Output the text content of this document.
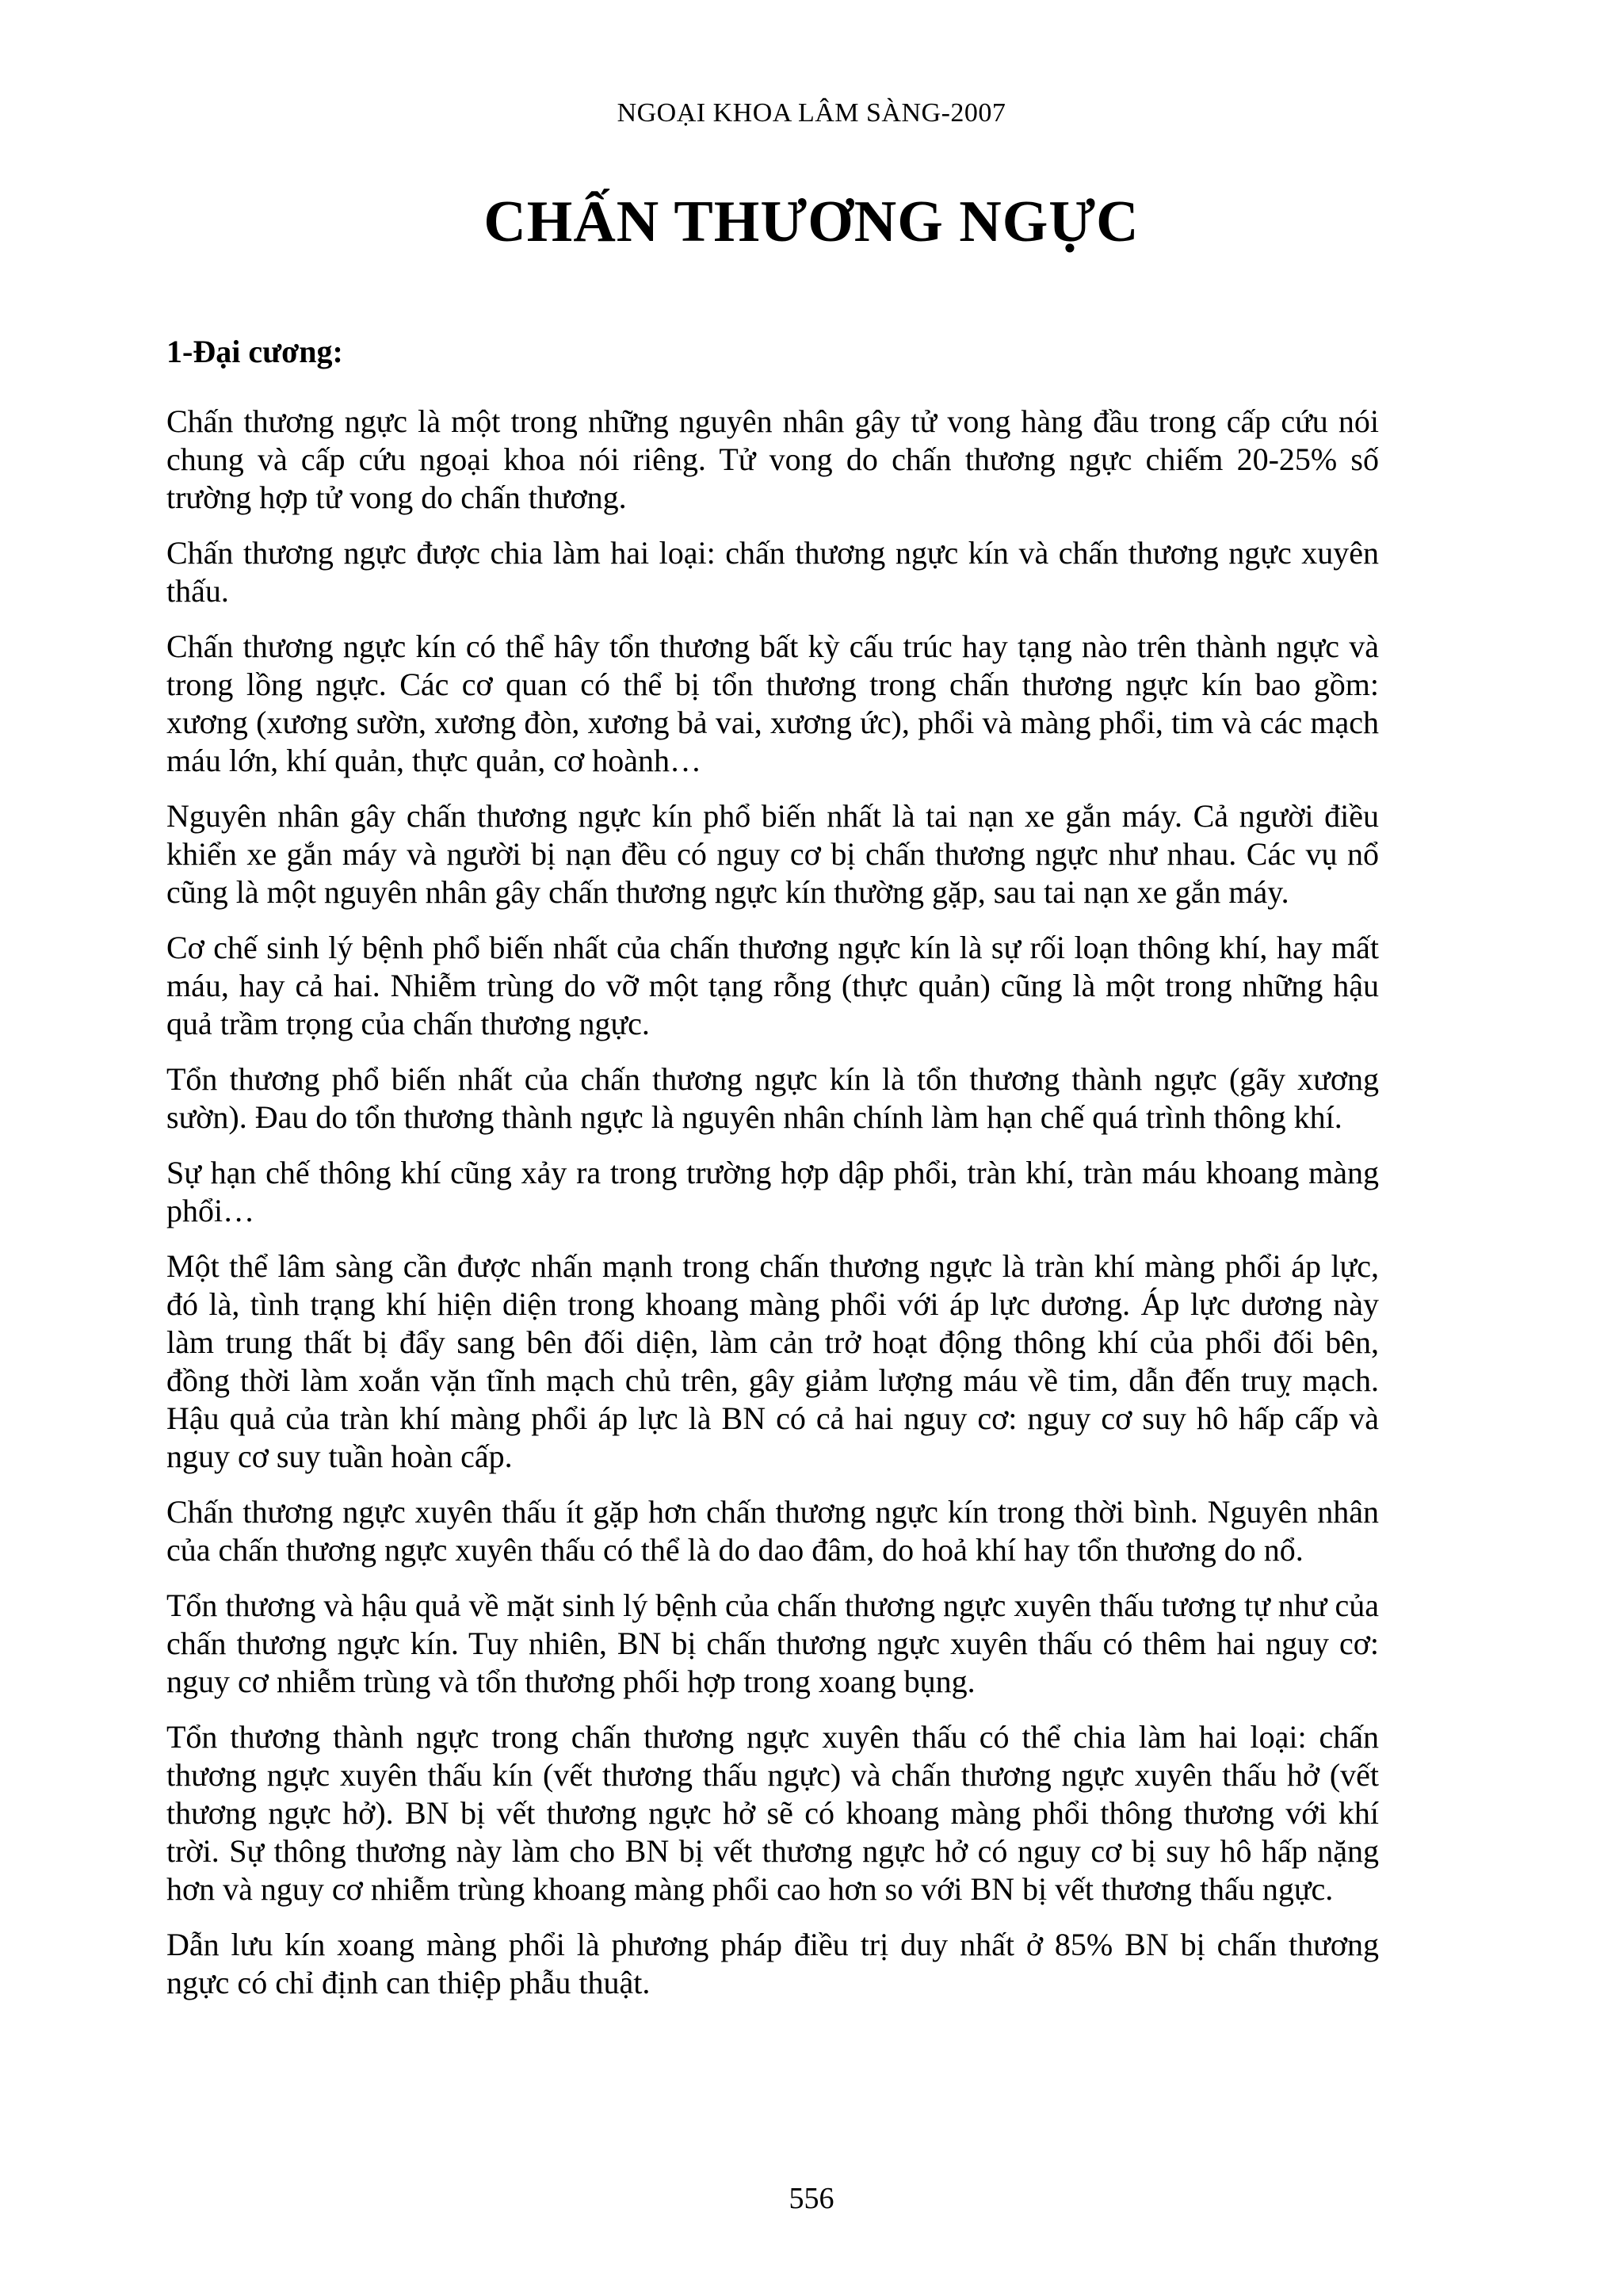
NGOẠI KHOA LÂM SÀNG-2007
CHẤN THƯƠNG NGỰC

1-Đại cương:

Chấn thương ngực là một trong những nguyên nhân gây tử vong hàng đầu trong cấp cứu nói chung và cấp cứu ngoại khoa nói riêng. Tử vong do chấn thương ngực chiếm 20-25% số trường hợp tử vong do chấn thương.

Chấn thương ngực được chia làm hai loại: chấn thương ngực kín và chấn thương ngực xuyên thấu.

Chấn thương ngực kín có thể hây tổn thương bất kỳ cấu trúc hay tạng nào trên thành ngực và trong lồng ngực. Các cơ quan có thể bị tổn thương trong chấn thương ngực kín bao gồm: xương (xương sườn, xương đòn, xương bả vai, xương ức), phổi và màng phổi, tim và các mạch máu lớn, khí quản, thực quản, cơ hoành…

Nguyên nhân gây chấn thương ngực kín phổ biến nhất là tai nạn xe gắn máy. Cả người điều khiển xe gắn máy và người bị nạn đều có nguy cơ bị chấn thương ngực như nhau. Các vụ nổ cũng là một nguyên nhân gây chấn thương ngực kín thường gặp, sau tai nạn xe gắn máy.

Cơ chế sinh lý bệnh phổ biến nhất của chấn thương ngực kín là sự rối loạn thông khí, hay mất máu, hay cả hai. Nhiễm trùng do vỡ một tạng rỗng (thực quản) cũng là một trong những hậu quả trầm trọng của chấn thương ngực.

Tổn thương phổ biến nhất của chấn thương ngực kín là tổn thương thành ngực (gãy xương sườn). Đau do tổn thương thành ngực là nguyên nhân chính làm hạn chế quá trình thông khí.

Sự hạn chế thông khí cũng xảy ra trong trường hợp dập phổi, tràn khí, tràn máu khoang màng phổi…

Một thể lâm sàng cần được nhấn mạnh trong chấn thương ngực là tràn khí màng phổi áp lực, đó là, tình trạng khí hiện diện trong khoang màng phổi với áp lực dương. Áp lực dương này làm trung thất bị đẩy sang bên đối diện, làm cản trở hoạt động thông khí của phổi đối bên, đồng thời làm xoắn vặn tĩnh mạch chủ trên, gây giảm lượng máu về tim, dẫn đến truỵ mạch. Hậu quả của tràn khí màng phổi áp lực là BN có cả hai nguy cơ: nguy cơ suy hô hấp cấp và nguy cơ suy tuần hoàn cấp.

Chấn thương ngực xuyên thấu ít gặp hơn chấn thương ngực kín trong thời bình. Nguyên nhân của chấn thương ngực xuyên thấu có thể là do dao đâm, do hoả khí hay tổn thương do nổ.

Tổn thương và hậu quả về mặt sinh lý bệnh của chấn thương ngực xuyên thấu tương tự như của chấn thương ngực kín. Tuy nhiên, BN bị chấn thương ngực xuyên thấu có thêm hai nguy cơ: nguy cơ nhiễm trùng và tổn thương phối hợp trong xoang bụng.

Tổn thương thành ngực trong chấn thương ngực xuyên thấu có thể chia làm hai loại: chấn thương ngực xuyên thấu kín (vết thương thấu ngực) và chấn thương ngực xuyên thấu hở (vết thương ngực hở). BN bị vết thương ngực hở sẽ có khoang màng phổi thông thương với khí trời. Sự thông thương này làm cho BN bị vết thương ngực hở có nguy cơ bị suy hô hấp nặng hơn và nguy cơ nhiễm trùng khoang màng phổi cao hơn so với BN bị vết thương thấu ngực.

Dẫn lưu kín xoang màng phổi là phương pháp điều trị duy nhất ở 85% BN bị chấn thương ngực có chỉ định can thiệp phẫu thuật.

556
